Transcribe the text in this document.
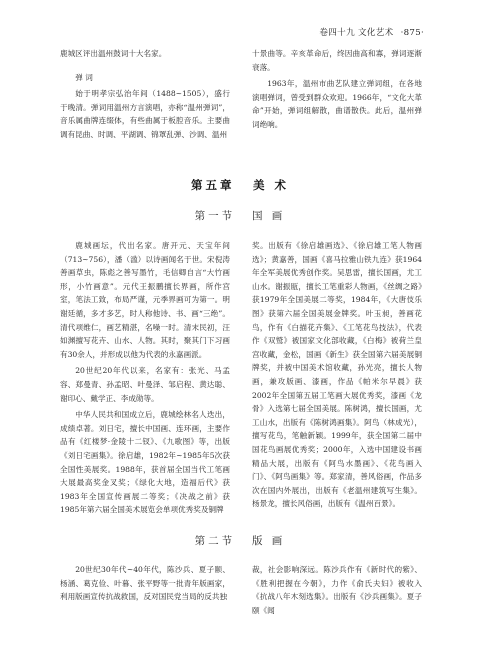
卷四十九 文化艺术 ·875·

鹿城区评出温州鼓词十大名家。

弹 词

始于明孝宗弘治年间（1488~1505），盛行于晚清。弹词用温州方言演唱，亦称“温州弹词”，音乐属曲牌连缀体，有些曲属于板腔音乐。主要曲调有昆曲、时调、平湖调、锦罩乱弹、沙调、温州

十景曲等。辛亥革命后，终因曲高和寡，弹词逐渐衰落。

1963年，温州市曲艺队建立弹词组，在各地演唱弹词，曾受到群众欢迎。1966年，“文化大革命”开始，弹词组解散，曲谱散佚。此后，温州弹词绝响。

第五章 美 术
第一节 国 画

鹿城画坛，代出名家。唐开元、天宝年间（713~756），潘（滥）以诗画闻名于世。宋倪涛善画草虫，陈彪之善写墨竹，毛信卿自言“大竹画形，小竹画意”。元代王振鹏擅长界画，所作宫室，笔法工致，布局严谨，元季界画可为第一。明谢廷循，多才多艺，时人称他诗、书、画“三绝”。清代项维仁，画艺精湛，名噪一时。清末民初，汪如渊擅写花卉、山水、人物。其时，聚其门下习画有30余人，并形成以他为代表的永嘉画派。

20世纪20年代以来，名家有：张光、马孟容、郑曼青、孙孟昭、叶曼泽、邹启程、黄达聪、谢印心、戴学正、李成勋等。

中华人民共和国成立后，鹿城绘林名人迭出，成绩卓著。刘日宅，擅长中国画、连环画，主要作品有《红楼梦·金陵十二钗》、《九歌图》等，出版《刘日宅画集》。徐启雄，1982年~1985年5次获全国性美展奖。1988年，获首届全国当代工笔画大展最高奖金叉奖；《绿化大地，造福后代》获1983年全国宣传画展二等奖；《决战之前》获1985年第六届全国美术展览会单项优秀奖及铜牌

奖。出版有《徐启雄画选》、《徐启雄工笔人物画选》；黄嘉善，国画《喜马拉雅山铁九连》获1964年全军美展优秀创作奖。吴思雷，擅长国画，尤工山水。谢振瓯，擅长工笔重彩人物画，《丝绸之路》获1979年全国美展二等奖，1984年，《大唐伎乐图》获第六届全国美展金牌奖。叶玉昶，善画花鸟，作有《白描花卉集》、《工笔花鸟技法》，代表作《双鹫》被国家文化部收藏，《白梅》被荷兰皇宫收藏，金松，国画《新生》获全国第六届美展铜牌奖，并被中国美术馆收藏，孙光亮，擅长人物画，兼攻版画、漆画，作品《帕米尔早晨》获2002年全国第五届工笔画大展优秀奖，漆画《龙骨》入选第七届全国美展。陈树鸿，擅长国画，尤工山水，出版有《陈树鸿画集》。阿鸟（林成光），擅写花鸟，笔触新颖。1999年，获全国第二届中国花鸟画展优秀奖；2000年，入选中国建设书画精品大展，出版有《阿鸟水墨画》、《花鸟画入门》、《阿鸟画集》等。郑家清，善风俗画，作品多次在国内外展出，出版有《老温州建筑写生集》。杨景龙，擅长风俗画，出版有《温州百景》。

第二节 版 画

20世纪30年代~40年代，陈沙兵、夏子颐、杨涵、葛克俭、叶暮、张平野等一批青年版画家，利用版画宣传抗战救国，反对国民党当局的反共独

裁，社会影响深远。陈沙兵作有《新时代的紫》、《胜利把握在今朝》，力作《俞氏夫妇》被收入《抗战八年木刻选集》。出版有《沙兵画集》。夏子颐《闻
